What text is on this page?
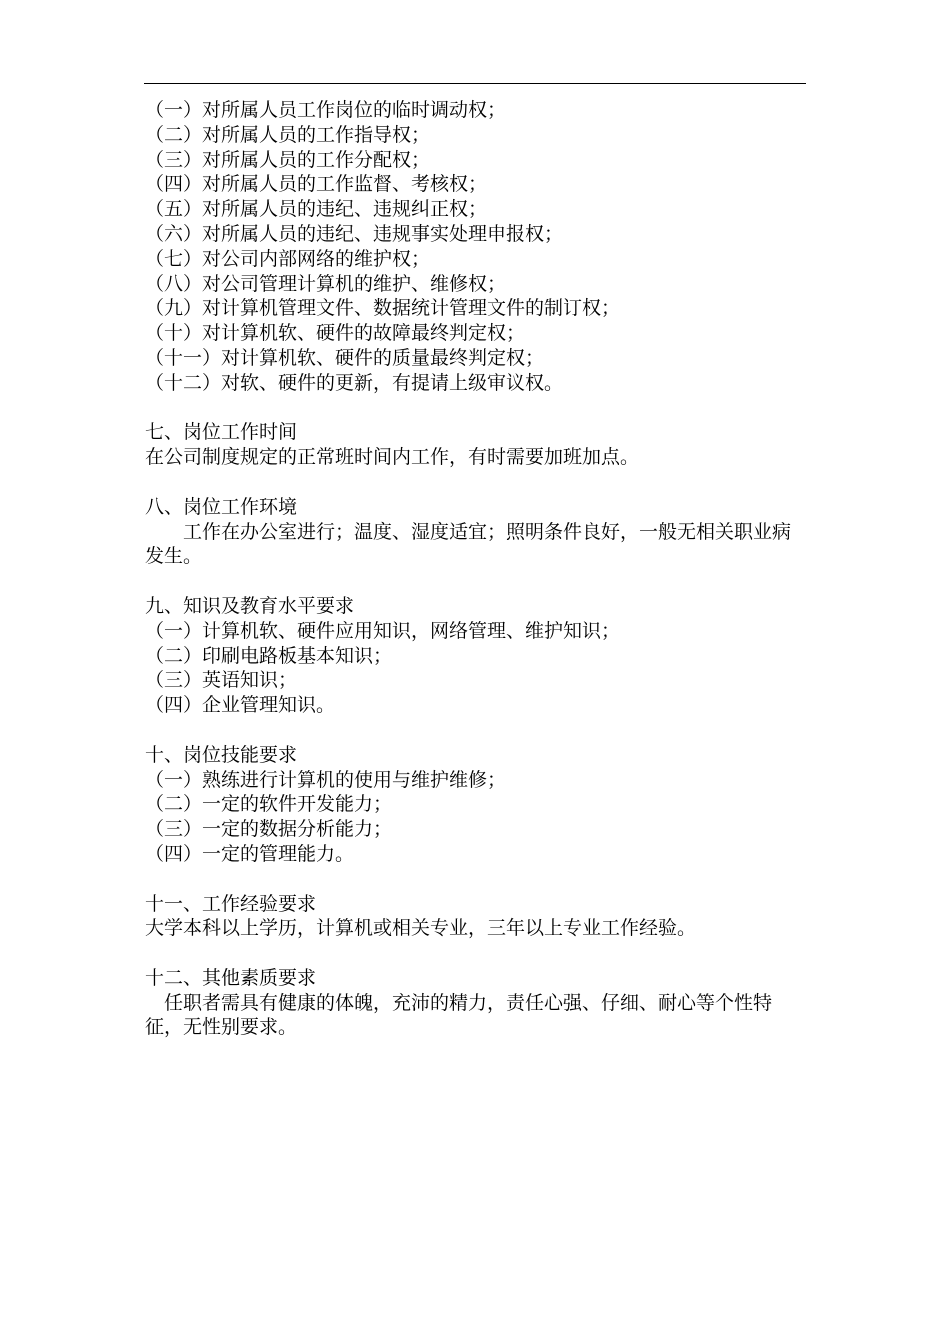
（一）对所属人员工作岗位的临时调动权；
（二）对所属人员的工作指导权；
（三）对所属人员的工作分配权；
（四）对所属人员的工作监督、考核权；
（五）对所属人员的违纪、违规纠正权；
（六）对所属人员的违纪、违规事实处理申报权；
（七）对公司内部网络的维护权；
（八）对公司管理计算机的维护、维修权；
（九）对计算机管理文件、数据统计管理文件的制订权；
（十）对计算机软、硬件的故障最终判定权；
（十一）对计算机软、硬件的质量最终判定权；
（十二）对软、硬件的更新，有提请上级审议权。
七、岗位工作时间
在公司制度规定的正常班时间内工作，有时需要加班加点。
八、岗位工作环境
工作在办公室进行；温度、湿度适宜；照明条件良好，一般无相关职业病发生。
九、知识及教育水平要求
（一）计算机软、硬件应用知识，网络管理、维护知识；
（二）印刷电路板基本知识；
（三）英语知识；
（四）企业管理知识。
十、岗位技能要求
（一）熟练进行计算机的使用与维护维修；
（二）一定的软件开发能力；
（三）一定的数据分析能力；
（四）一定的管理能力。
十一、工作经验要求
大学本科以上学历，计算机或相关专业，三年以上专业工作经验。
十二、其他素质要求
任职者需具有健康的体魄，充沛的精力，责任心强、仔细、耐心等个性特征，无性别要求。
